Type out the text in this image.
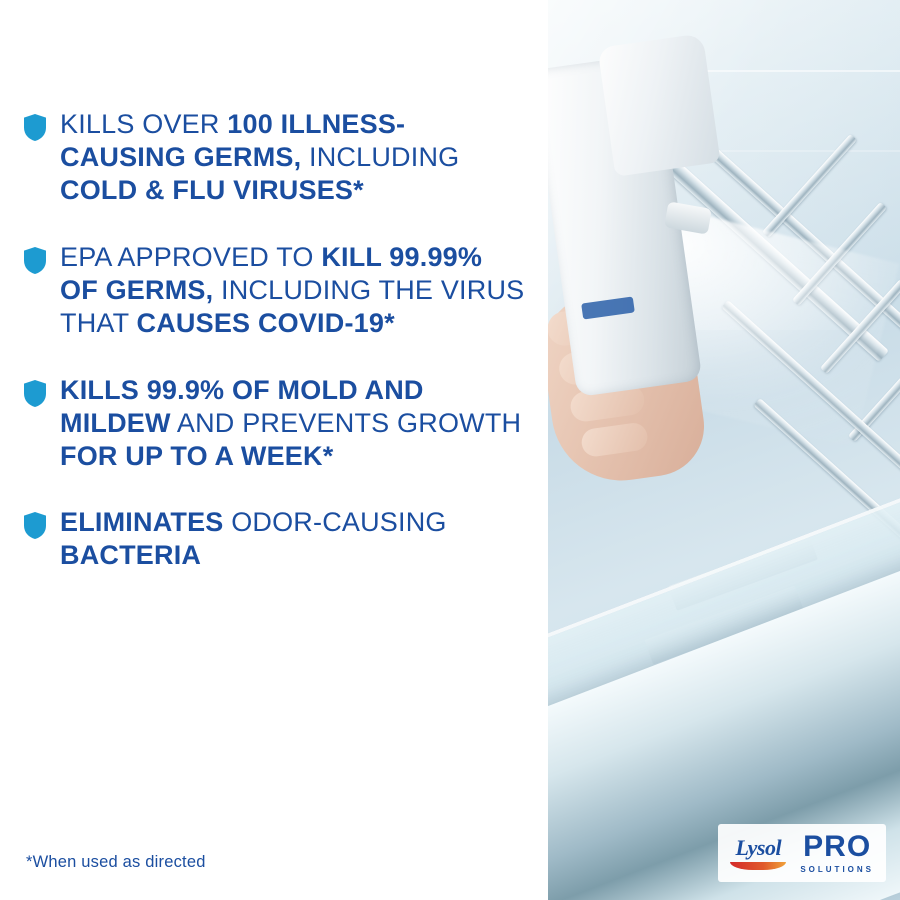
KILLS OVER 100 ILLNESS-CAUSING GERMS, INCLUDING COLD & FLU VIRUSES*
EPA APPROVED TO KILL 99.99% OF GERMS, INCLUDING THE VIRUS THAT CAUSES COVID-19*
KILLS 99.9% OF MOLD AND MILDEW AND PREVENTS GROWTH FOR UP TO A WEEK*
ELIMINATES ODOR-CAUSING BACTERIA
*When used as directed
Lysol PRO
SOLUTIONS
